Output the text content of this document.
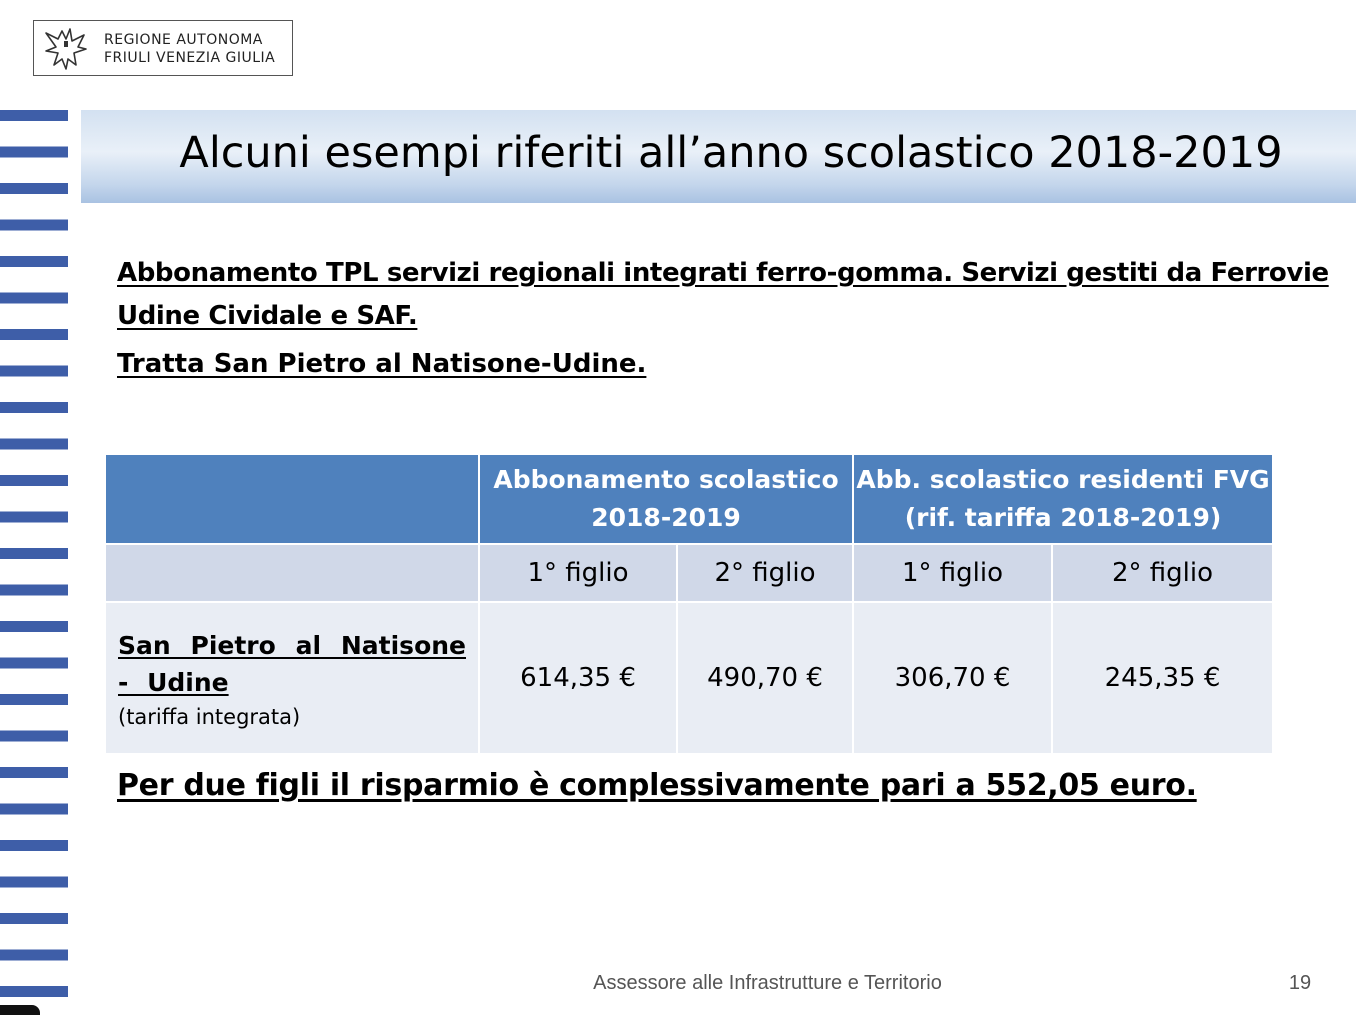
REGIONE AUTONOMA
FRIULI VENEZIA GIULIA
Alcuni esempi riferiti all’anno scolastico 2018-2019
Abbonamento TPL servizi regionali integrati ferro-gomma. Servizi gestiti da Ferrovie Udine Cividale e SAF.
Tratta San Pietro al Natisone-Udine.
	Abbonamento scolastico 2018-2019		Abb. scolastico residenti FVG (rif. tariffa 2018-2019)	
	1° figlio	2° figlio	1° figlio	2° figlio

San Pietro al Natisone - Udine
(tariffa integrata)	614,35 €	490,70 €	306,70 €	245,35 €
Per due figli il risparmio è complessivamente pari a 552,05 euro.
Assessore alle Infrastrutture e Territorio	19
